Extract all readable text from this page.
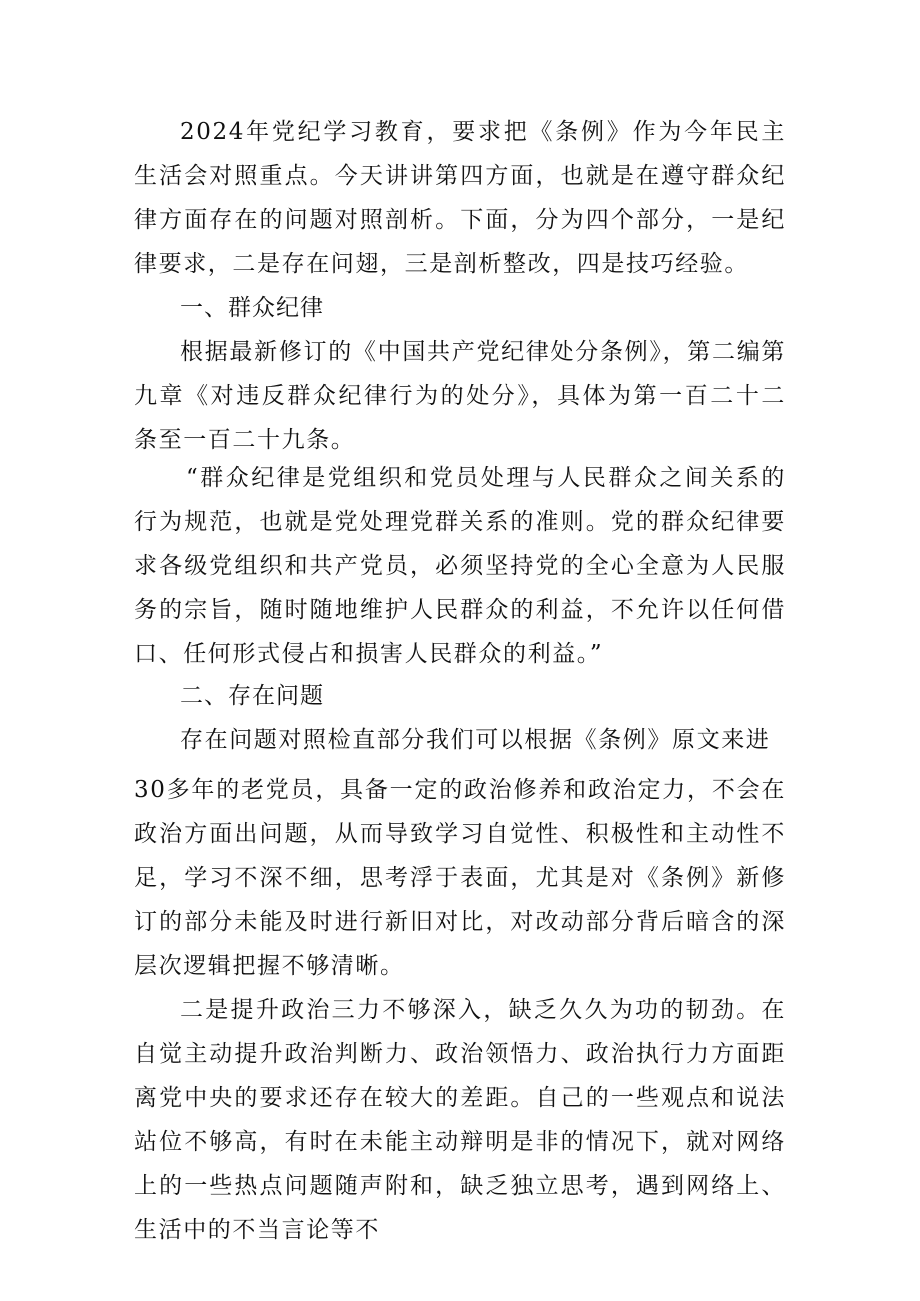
2024年党纪学习教育，要求把《条例》作为今年民主生活会对照重点。今天讲讲第四方面，也就是在遵守群众纪律方面存在的问题对照剖析。下面，分为四个部分，一是纪律要求，二是存在问翅，三是剖析整改，四是技巧经验。

一、群众纪律

根据最新修订的《中国共产党纪律处分条例》，第二编第九章《对违反群众纪律行为的处分》，具体为第一百二十二条至一百二十九条。

“群众纪律是党组织和党员处理与人民群众之间关系的行为规范，也就是党处理党群关系的准则。党的群众纪律要求各级党组织和共产党员，必须坚持党的全心全意为人民服务的宗旨，随时随地维护人民群众的利益，不允许以任何借口、任何形式侵占和损害人民群众的利益。”

二、存在问题

存在问题对照检直部分我们可以根据《条例》原文来进

30多年的老党员，具备一定的政治修养和政治定力，不会在政治方面出问题，从而导致学习自觉性、积极性和主动性不足，学习不深不细，思考浮于表面，尤其是对《条例》新修订的部分未能及时进行新旧对比，对改动部分背后暗含的深层次逻辑把握不够清晰。

二是提升政治三力不够深入，缺乏久久为功的韧劲。在自觉主动提升政治判断力、政治领悟力、政治执行力方面距离党中央的要求还存在较大的差距。自己的一些观点和说法站位不够高，有时在未能主动辩明是非的情况下，就对网络上的一些热点问题随声附和，缺乏独立思考，遇到网络上、生活中的不当言论等不
